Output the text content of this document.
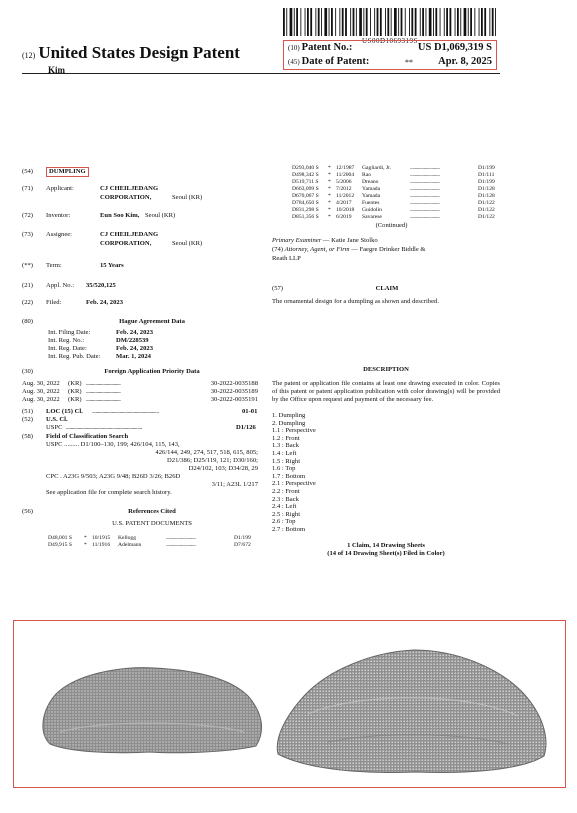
US00D1069319S
(12) United States Design Patent
Kim
(10) Patent No.:	US D1,069,319 S
(45) Date of Patent:	** Apr. 8, 2025
(54)	DUMPLING
(71) Applicant:	CJ CHEILJEDANG
CORPORATION,	Seoul (KR)
(72) Inventor:	Eun Soo Kim, Seoul (KR)
(73) Assignee:	CJ CHEILJEDANG
CORPORATION,	Seoul (KR)
(**) Term:	15 Years
(21) Appl. No.: 35/520,125
(22) Filed:	Feb. 24, 2023
(80)	Hague Agreement Data
Int. Filing Date:	Feb. 24, 2023
Int. Reg. No.:	DM/228539
Int. Reg. Date:	Feb. 24, 2023
Int. Reg. Pub. Date: Mar. 1, 2024
(30)	Foreign Application Priority Data
Aug. 30, 2022 (KR) ..............................	30-2022-0035188
Aug. 30, 2022 (KR) ..............................	30-2022-0035189
Aug. 30, 2022 (KR) ..............................	30-2022-0035191
(51) LOC (15) Cl. ..........................................................	01-01
(52) U.S. Cl.
USPC ..................................................................	D1/126
(58) Field of Classification Search
USPC ......... D1/100–130, 199; 426/104, 115, 143,
426/144, 249, 274, 517, 518, 615, 805;
D21/386; D25/119, 121; D30/160;
D24/102, 103; D34/28, 29
CPC . A23G 9/503; A23G 9/48; B26D 3/26; B26D
3/11; A23L 1/217
See application file for complete search history.
(56)	References Cited
U.S. PATENT DOCUMENTS
D48,001 S * 10/1915 Kellogg	D1/199
.................................
D49,915 S * 11/1916 Adelmann	D7/672
.................................
D293,040 S * 12/1987 Gagliardi, Jr.	D1/199
.................................
D498,342 S * 11/2004 Rao	D1/111
.................................
D519,711 S * 5/2006 Dreano	D1/199
.................................
D663,099 S * 7/2012 Yamada	D1/128
.................................
D670,067 S * 11/2012 Yamada	D1/128
.................................
D784,650 S * 4/2017 Fuentes	D1/122
.................................
D831,298 S * 10/2018 Guidolin	D1/122
.................................
D851,356 S * 6/2019 Savarese	D1/122
.................................
(Continued)
Primary Examiner — Katie Jane Stolko
(74) Attorney, Agent, or Firm — Faegre Drinker Biddle &
Reath LLP
(57)	CLAIM
The ornamental design for a dumpling as shown and described.
DESCRIPTION
The patent or application file contains at least one drawing executed in color. Copies of this patent or patent application publication with color drawing(s) will be provided by the Office upon request and payment of the necessary fee.
1. Dumpling
2. Dumpling
1.1 : Perspective
1.2 : Front
1.3 : Back
1.4 : Left
1.5 : Right
1.6 : Top
1.7 : Bottom
2.1 : Perspective
2.2 : Front
2.3 : Back
2.4 : Left
2.5 : Right
2.6 : Top
2.7 : Bottom
1 Claim, 14 Drawing Sheets
(14 of 14 Drawing Sheet(s) Filed in Color)
